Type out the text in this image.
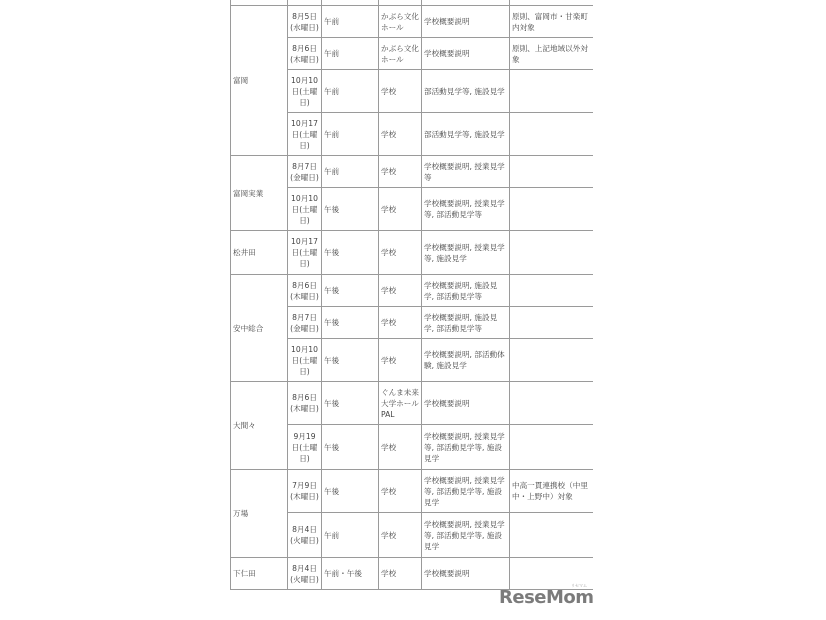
富岡	8月5日(水曜日)	午前	かぶら文化ホール	学校概要説明	原則、富岡市・甘楽町内対象
	8月6日(木曜日)	午前	かぶら文化ホール	学校概要説明	原則、上記地域以外対象
	10月10日(土曜日)	午前	学校	部活動見学等, 施設見学	
	10月17日(土曜日)	午前	学校	部活動見学等, 施設見学	
富岡実業	8月7日(金曜日)	午前	学校	学校概要説明, 授業見学等	
	10月10日(土曜日)	午後	学校	学校概要説明, 授業見学等, 部活動見学等	
松井田	10月17日(土曜日)	午後	学校	学校概要説明, 授業見学等, 施設見学	
安中総合	8月6日(木曜日)	午後	学校	学校概要説明, 施設見学, 部活動見学等	
	8月7日(金曜日)	午後	学校	学校概要説明, 施設見学, 部活動見学等	
	10月10日(土曜日)	午後	学校	学校概要説明, 部活動体験, 施設見学	
大間々	8月6日(木曜日)	午後	ぐんま未来大学ホールPAL	学校概要説明	
	9月19日(土曜日)	午後	学校	学校概要説明, 授業見学等, 部活動見学等, 施設見学	
万場	7月9日(木曜日)	午後	学校	学校概要説明, 授業見学等, 部活動見学等, 施設見学	中高一貫連携校（中里中・上野中）対象
	8月4日(火曜日)	午前	学校	学校概要説明, 授業見学等, 部活動見学等, 施設見学	
下仁田	8月4日(火曜日)	午前・午後	学校	学校概要説明	
ReseMom
リセマム
